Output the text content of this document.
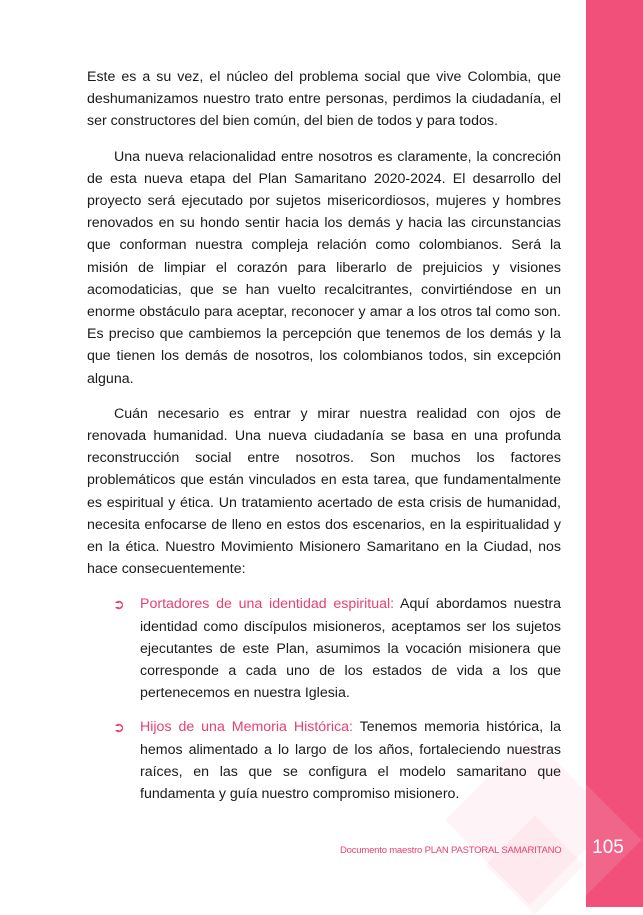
Este es a su vez, el núcleo del problema social que vive Colombia, que deshumanizamos nuestro trato entre personas, perdimos la ciudadanía, el ser constructores del bien común, del bien de todos y para todos.

Una nueva relacionalidad entre nosotros es claramente, la concreción de esta nueva etapa del Plan Samaritano 2020-2024. El desarrollo del proyecto será ejecutado por sujetos misericordiosos, mujeres y hombres renovados en su hondo sentir hacia los demás y hacia las circunstancias que conforman nuestra compleja relación como colombianos. Será la misión de limpiar el corazón para liberarlo de prejuicios y visiones acomodaticias, que se han vuelto recalcitrantes, convirtiéndose en un enorme obstáculo para aceptar, reconocer y amar a los otros tal como son. Es preciso que cambiemos la percepción que tenemos de los demás y la que tienen los demás de nosotros, los colombianos todos, sin excepción alguna.

Cuán necesario es entrar y mirar nuestra realidad con ojos de renovada humanidad. Una nueva ciudadanía se basa en una profunda reconstrucción social entre nosotros. Son muchos los factores problemáticos que están vinculados en esta tarea, que fundamentalmente es espiritual y ética. Un tratamiento acertado de esta crisis de humanidad, necesita enfocarse de lleno en estos dos escenarios, en la espiritualidad y en la ética. Nuestro Movimiento Misionero Samaritano en la Ciudad, nos hace consecuentemente:

➲ Portadores de una identidad espiritual: Aquí abordamos nuestra identidad como discípulos misioneros, aceptamos ser los sujetos ejecutantes de este Plan, asumimos la vocación misionera que corresponde a cada uno de los estados de vida a los que pertenecemos en nuestra Iglesia.
➲ Hijos de una Memoria Histórica: Tenemos memoria histórica, la hemos alimentado a lo largo de los años, fortaleciendo nuestras raíces, en las que se configura el modelo samaritano que fundamenta y guía nuestro compromiso misionero.
Documento maestro PLAN PASTORAL SAMARITANO 105
